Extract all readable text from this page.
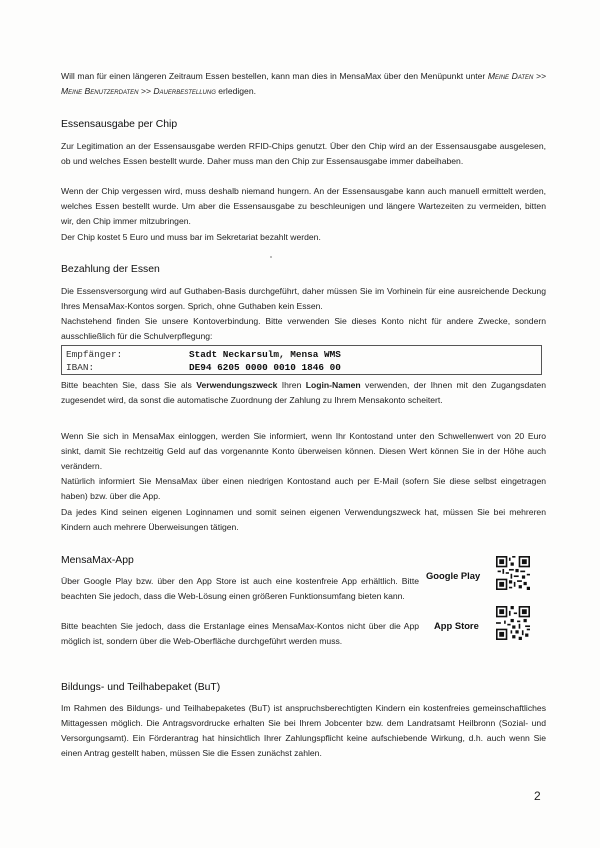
Will man für einen längeren Zeitraum Essen bestellen, kann man dies in MensaMax über den Menüpunkt unter Meine Daten >> Meine Benutzerdaten >> Dauerbestellung erledigen.

Essensausgabe per Chip

Zur Legitimation an der Essensausgabe werden RFID-Chips genutzt. Über den Chip wird an der Essensausgabe ausgelesen, ob und welches Essen bestellt wurde. Daher muss man den Chip zur Essensausgabe immer dabeihaben.

Wenn der Chip vergessen wird, muss deshalb niemand hungern. An der Essensausgabe kann auch manuell ermittelt werden, welches Essen bestellt wurde. Um aber die Essensausgabe zu beschleunigen und längere Wartezeiten zu vermeiden, bitten wir, den Chip immer mitzubringen.

Der Chip kostet 5 Euro und muss bar im Sekretariat bezahlt werden.

Bezahlung der Essen

Die Essensversorgung wird auf Guthaben-Basis durchgeführt, daher müssen Sie im Vorhinein für eine ausreichende Deckung Ihres MensaMax-Kontos sorgen. Sprich, ohne Guthaben kein Essen.

Nachstehend finden Sie unsere Kontoverbindung. Bitte verwenden Sie dieses Konto nicht für andere Zwecke, sondern ausschließlich für die Schulverpflegung:

Empfänger:	Stadt Neckarsulm, Mensa WMS
IBAN:	DE94 6205 0000 0010 1846 00

Bitte beachten Sie, dass Sie als Verwendungszweck Ihren Login-Namen verwenden, der Ihnen mit den Zugangsdaten zugesendet wird, da sonst die automatische Zuordnung der Zahlung zu Ihrem Mensakonto scheitert.

Wenn Sie sich in MensaMax einloggen, werden Sie informiert, wenn Ihr Kontostand unter den Schwellenwert von 20 Euro sinkt, damit Sie rechtzeitig Geld auf das vorgenannte Konto überweisen können. Diesen Wert können Sie in der Höhe auch verändern.

Natürlich informiert Sie MensaMax über einen niedrigen Kontostand auch per E-Mail (sofern Sie diese selbst eingetragen haben) bzw. über die App.

Da jedes Kind seinen eigenen Loginnamen und somit seinen eigenen Verwendungszweck hat, müssen Sie bei mehreren Kindern auch mehrere Überweisungen tätigen.

MensaMax-App

Über Google Play bzw. über den App Store ist auch eine kostenfreie App erhältlich. Bitte beachten Sie jedoch, dass die Web-Lösung einen größeren Funktionsumfang bieten kann.

Bitte beachten Sie jedoch, dass die Erstanlage eines MensaMax-Kontos nicht über die App möglich ist, sondern über die Web-Oberfläche durchgeführt werden muss.

Google Play
App Store
Bildungs- und Teilhabepaket (BuT)

Im Rahmen des Bildungs- und Teilhabepaketes (BuT) ist anspruchsberechtigten Kindern ein kostenfreies gemeinschaftliches Mittagessen möglich. Die Antragsvordrucke erhalten Sie bei Ihrem Jobcenter bzw. dem Landratsamt Heilbronn (Sozial- und Versorgungsamt). Ein Förderantrag hat hinsichtlich Ihrer Zahlungspflicht keine aufschiebende Wirkung, d.h. auch wenn Sie einen Antrag gestellt haben, müssen Sie die Essen zunächst zahlen.

2
